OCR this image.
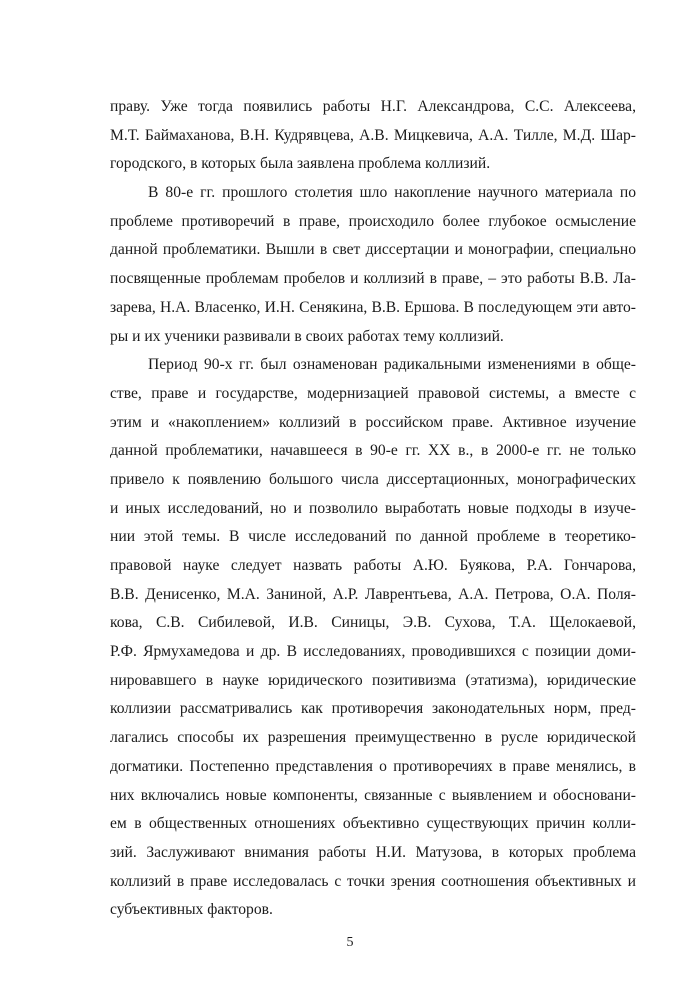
праву. Уже тогда появились работы Н.Г. Александрова, С.С. Алексеева,
М.Т. Баймаханова, В.Н. Кудрявцева, А.В. Мицкевича, А.А. Тилле, М.Д. Шар-
городского, в которых была заявлена проблема коллизий.
В 80-е гг. прошлого столетия шло накопление научного материала по
проблеме противоречий в праве, происходило более глубокое осмысление
данной проблематики. Вышли в свет диссертации и монографии, специально
посвященные проблемам пробелов и коллизий в праве, – это работы В.В. Ла-
зарева, Н.А. Власенко, И.Н. Сенякина, В.В. Ершова. В последующем эти авто-
ры и их ученики развивали в своих работах тему коллизий.
Период 90-х гг. был ознаменован радикальными изменениями в обще-
стве, праве и государстве, модернизацией правовой системы, а вместе с
этим и «накоплением» коллизий в российском праве. Активное изучение
данной проблематики, начавшееся в 90-е гг. XX в., в 2000-е гг. не только
привело к появлению большого числа диссертационных, монографических
и иных исследований, но и позволило выработать новые подходы в изуче-
нии этой темы. В числе исследований по данной проблеме в теоретико-
правовой науке следует назвать работы А.Ю. Буякова, Р.А. Гончарова,
В.В. Денисенко, М.А. Заниной, А.Р. Лаврентьева, А.А. Петрова, О.А. Поля-
кова, С.В. Сибилевой, И.В. Синицы, Э.В. Сухова, Т.А. Щелокаевой,
Р.Ф. Ярмухамедова и др. В исследованиях, проводившихся с позиции доми-
нировавшего в науке юридического позитивизма (этатизма), юридические
коллизии рассматривались как противоречия законодательных норм, пред-
лагались способы их разрешения преимущественно в русле юридической
догматики. Постепенно представления о противоречиях в праве менялись, в
них включались новые компоненты, связанные с выявлением и обосновани-
ем в общественных отношениях объективно существующих причин колли-
зий. Заслуживают внимания работы Н.И. Матузова, в которых проблема
коллизий в праве исследовалась с точки зрения соотношения объективных и
субъективных факторов.
5
